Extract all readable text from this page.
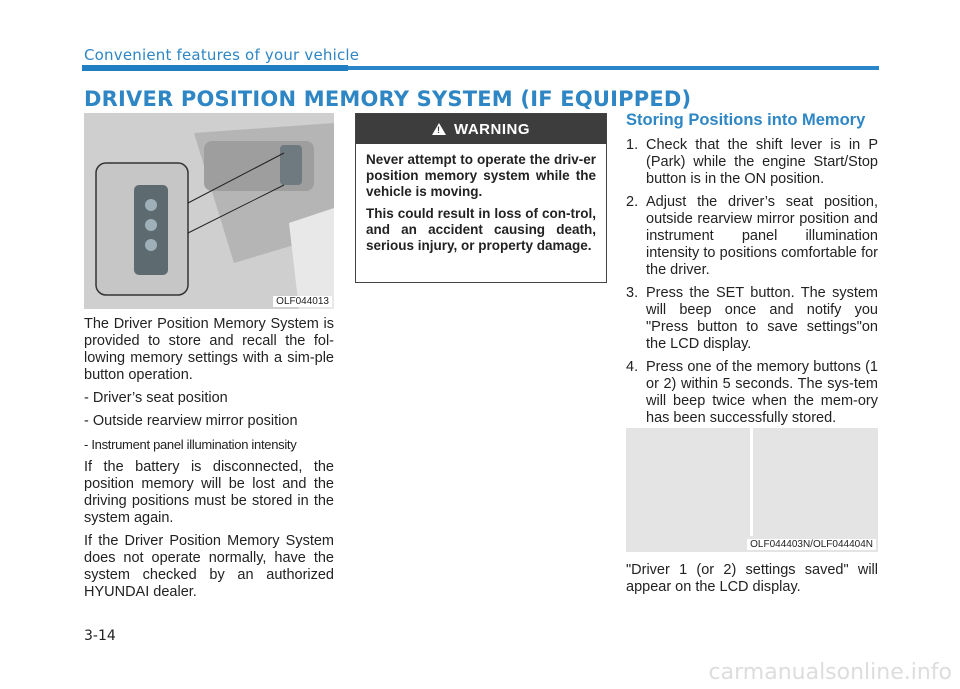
Convenient features of your vehicle
DRIVER POSITION MEMORY SYSTEM (IF EQUIPPED)
OLF044013

The Driver Position Memory System is provided to store and recall the fol-lowing memory settings with a sim-ple button operation.

- Driver’s seat position

- Outside rearview mirror position

- Instrument panel illumination intensity

If the battery is disconnected, the position memory will be lost and the driving positions must be stored in the system again.

If the Driver Position Memory System does not operate normally, have the system checked by an authorized HYUNDAI dealer.

!
WARNING

Never attempt to operate the driv-er position memory system while the vehicle is moving.

This could result in loss of con-trol, and an accident causing death, serious injury, or property damage.

Storing Positions into Memory
1. Check that the shift lever is in P (Park) while the engine Start/Stop button is in the ON position.
2. Adjust the driver’s seat position, outside rearview mirror position and instrument panel illumination intensity to positions comfortable for the driver.
3. Press the SET button. The system will beep once and notify you "Press button to save settings"on the LCD display.
4. Press one of the memory buttons (1 or 2) within 5 seconds. The sys-tem will beep twice when the mem-ory has been successfully stored.
OLF044403N/OLF044404N
"Driver 1 (or 2) settings saved" will appear on the LCD display.
3-14
carmanualsonline.info
